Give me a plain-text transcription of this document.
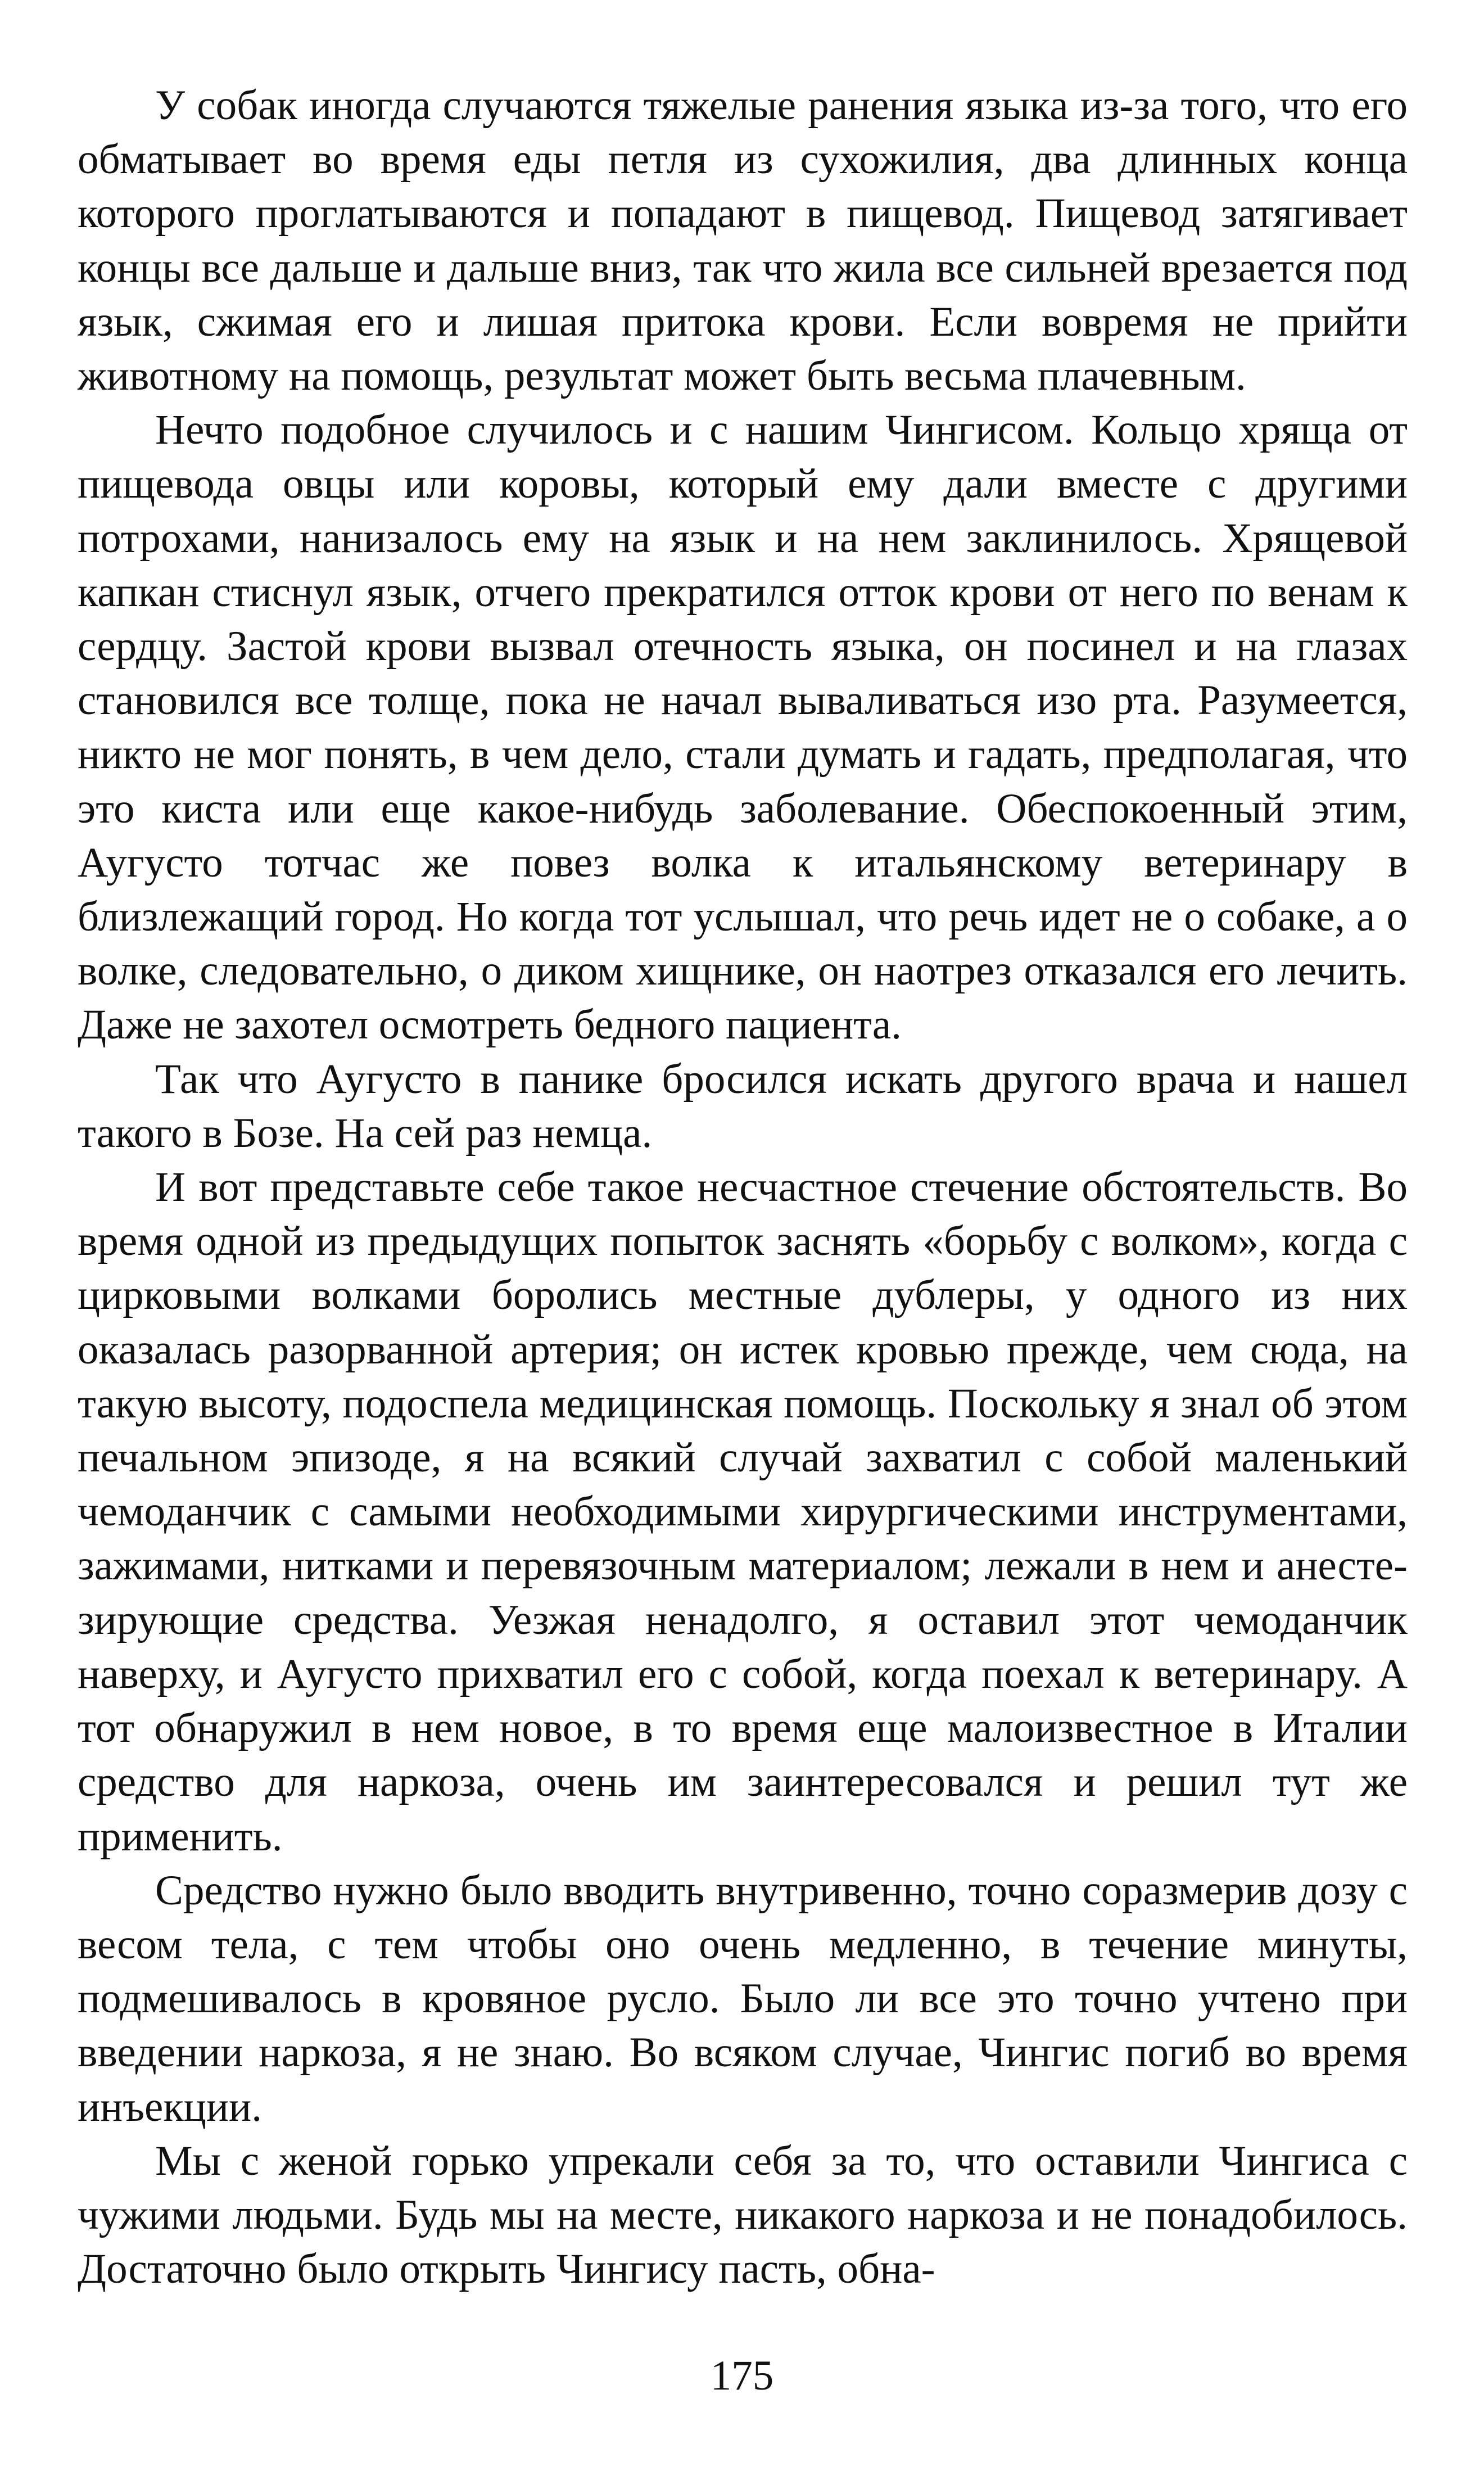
У собак иногда случаются тяжелые ранения языка из-за того, что его обматывает во время еды петля из сухожилия, два длинных конца которого проглатываются и попадают в пищевод. Пищевод затягивает концы все дальше и дальше вниз, так что жила все сильней врезается под язык, сжимая его и лишая притока крови. Если вовремя не прийти животному на помощь, результат может быть весьма плачевным.

Нечто подобное случилось и с нашим Чингисом. Кольцо хряща от пищевода овцы или коровы, который ему дали вместе с другими потрохами, нанизалось ему на язык и на нем заклинилось. Хрящевой капкан стиснул язык, отчего прекратился отток крови от него по венам к сердцу. Застой крови вызвал отечность языка, он посинел и на глазах становился все толще, пока не начал вываливаться изо рта. Разумеется, никто не мог понять, в чем дело, стали думать и гадать, предполагая, что это киста или еще какое-нибудь заболевание. Обеспокоенный этим, Аугусто тотчас же повез волка к итальянскому ветеринару в близлежащий город. Но когда тот услышал, что речь идет не о собаке, а о волке, следовательно, о диком хищнике, он наотрез отказался его лечить. Даже не захотел осмотреть бедного пациента.

Так что Аугусто в панике бросился искать другого врача и нашел такого в Бозе. На сей раз немца.

И вот представьте себе такое несчастное стечение обстоятельств. Во время одной из предыдущих попыток заснять «борьбу с волком», когда с цирковыми волками боролись местные дублеры, у одного из них оказалась разорванной артерия; он истек кровью прежде, чем сюда, на такую высоту, подоспела медицинская помощь. Поскольку я знал об этом печальном эпизоде, я на всякий случай захватил с собой маленький чемоданчик с самыми необходимыми хирургическими инструментами, зажимами, нитками и перевязочным материалом; лежали в нем и анестезирующие средства. Уезжая ненадолго, я оставил этот чемоданчик наверху, и Аугусто прихватил его с собой, когда поехал к ветеринару. А тот обнаружил в нем новое, в то время еще малоизвестное в Италии средство для наркоза, очень им заинтересовался и решил тут же применить.

Средство нужно было вводить внутривенно, точно соразмерив дозу с весом тела, с тем чтобы оно очень медленно, в течение минуты, подмешивалось в кровяное русло. Было ли все это точно учтено при введении наркоза, я не знаю. Во всяком случае, Чингис погиб во время инъекции.

Мы с женой горько упрекали себя за то, что оставили Чингиса с чужими людьми. Будь мы на месте, никакого наркоза и не понадобилось. Достаточно было открыть Чингису пасть, обна-

175
